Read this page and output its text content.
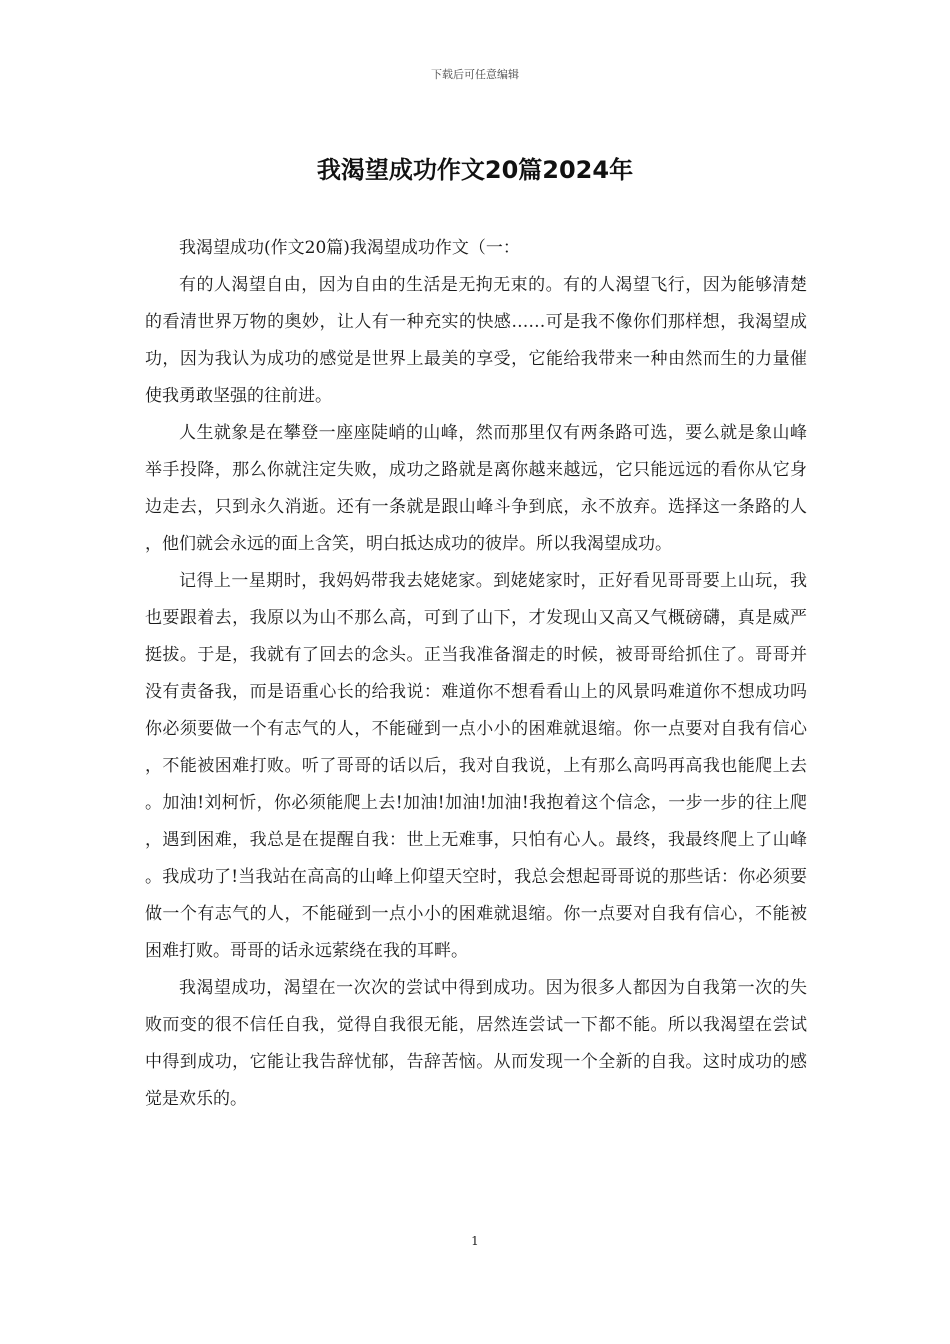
下载后可任意编辑
我渴望成功作文20篇2024年

我渴望成功(作文20篇)我渴望成功作文（一：

有的人渴望自由，因为自由的生活是无拘无束的。有的人渴望飞行，因为能够清楚的看清世界万物的奥妙，让人有一种充实的快感……可是我不像你们那样想，我渴望成功，因为我认为成功的感觉是世界上最美的享受，它能给我带来一种由然而生的力量催使我勇敢坚强的往前进。

人生就象是在攀登一座座陡峭的山峰，然而那里仅有两条路可选，要么就是象山峰举手投降，那么你就注定失败，成功之路就是离你越来越远，它只能远远的看你从它身边走去，只到永久消逝。还有一条就是跟山峰斗争到底，永不放弃。选择这一条路的人，他们就会永远的面上含笑，明白抵达成功的彼岸。所以我渴望成功。

记得上一星期时，我妈妈带我去姥姥家。到姥姥家时，正好看见哥哥要上山玩，我也要跟着去，我原以为山不那么高，可到了山下，才发现山又高又气概磅礴，真是威严挺拔。于是，我就有了回去的念头。正当我准备溜走的时候，被哥哥给抓住了。哥哥并没有责备我，而是语重心长的给我说：难道你不想看看山上的风景吗难道你不想成功吗你必须要做一个有志气的人，不能碰到一点小小的困难就退缩。你一点要对自我有信心，不能被困难打败。听了哥哥的话以后，我对自我说，上有那么高吗再高我也能爬上去。加油!刘柯忻，你必须能爬上去!加油!加油!加油!我抱着这个信念，一步一步的往上爬，遇到困难，我总是在提醒自我：世上无难事，只怕有心人。最终，我最终爬上了山峰。我成功了!当我站在高高的山峰上仰望天空时，我总会想起哥哥说的那些话：你必须要做一个有志气的人，不能碰到一点小小的困难就退缩。你一点要对自我有信心，不能被困难打败。哥哥的话永远萦绕在我的耳畔。

我渴望成功，渴望在一次次的尝试中得到成功。因为很多人都因为自我第一次的失败而变的很不信任自我，觉得自我很无能，居然连尝试一下都不能。所以我渴望在尝试中得到成功，它能让我告辞忧郁，告辞苦恼。从而发现一个全新的自我。这时成功的感觉是欢乐的。

1
